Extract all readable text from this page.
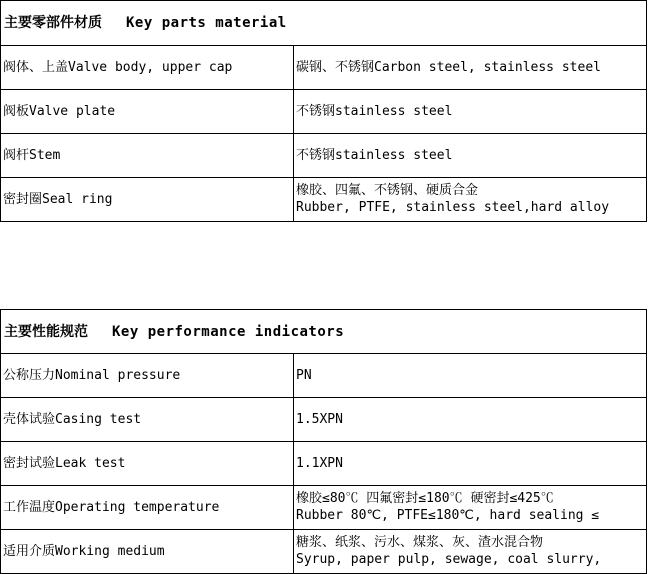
主要零部件材质 Key parts material	
阀体、上盖Valve body, upper cap	碳钢、不锈钢Carbon steel, stainless steel
阀板Valve plate	不锈钢stainless steel
阀杆Stem	不锈钢stainless steel
密封圈Seal ring	橡胶、四氟、不锈钢、硬质合金
Rubber, PTFE, stainless steel,hard alloy
主要性能规范 Key performance indicators	
公称压力Nominal pressure	PN
壳体试验Casing test	1.5XPN
密封试验Leak test	1.1XPN
工作温度Operating temperature	橡胶≤80℃ 四氟密封≤180℃ 硬密封≤425℃
Rubber 80℃, PTFE≤180℃, hard sealing ≤

适用介质Working medium	糖浆、纸浆、污水、煤浆、灰、渣水混合物
Syrup, paper pulp, sewage, coal slurry,
